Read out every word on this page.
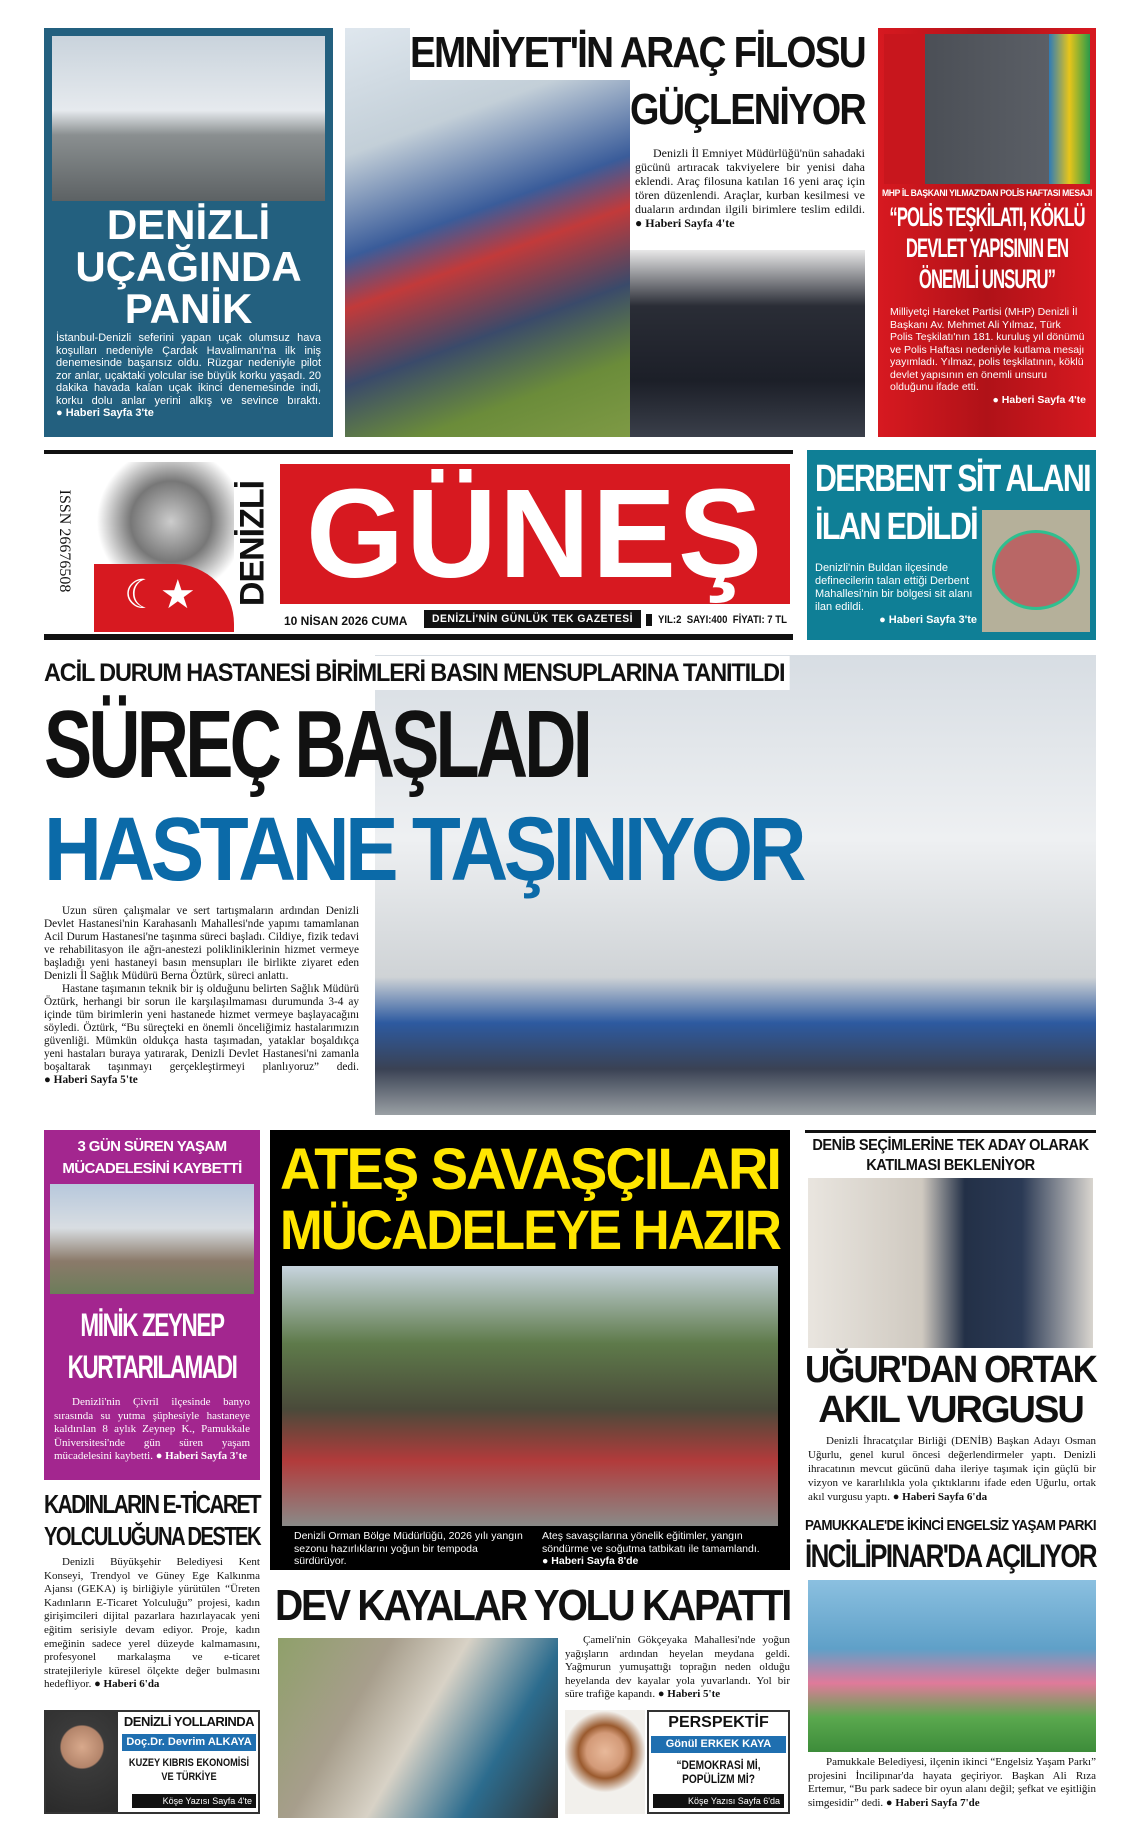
DENİZLİ UÇAĞINDA PANİK
İstanbul-Denizli seferini yapan uçak olumsuz hava koşulları nedeniyle Çardak Havalimanı'na ilk iniş denemesinde başarısız oldu. Rüzgar nedeniyle pilot zor anlar, uçaktaki yolcular ise büyük korku yaşadı. 20 dakika havada kalan uçak ikinci denemesinde indi, korku dolu anlar yerini alkış ve sevince bıraktı. ● Haberi Sayfa 3'te
EMNİYET'İN ARAÇ FİLOSU
GÜÇLENİYOR
Denizli İl Emniyet Müdürlüğü'nün sahadaki gücünü artıracak takviyelere bir yenisi daha eklendi. Araç filosuna katılan 16 yeni araç için tören düzenlendi. Araçlar, kurban kesilmesi ve duaların ardından ilgili birimlere teslim edildi. ● Haberi Sayfa 4'te
MHP İL BAŞKANI YILMAZ'DAN POLİS HAFTASI MESAJI
“POLİS TEŞKİLATI, KÖKLÜ DEVLET YAPISININ EN ÖNEMLİ UNSURU”
Milliyetçi Hareket Partisi (MHP) Denizli İl Başkanı Av. Mehmet Ali Yılmaz, Türk Polis Teşkilatı'nın 181. kuruluş yıl dönümü ve Polis Haftası nedeniyle kutlama mesajı yayımladı. Yılmaz, polis teşkilatının, köklü devlet yapısının en önemli unsuru olduğunu ifade etti.
● Haberi Sayfa 4'te
ISSN 26676508
☾★ DENİZLİ GÜNEŞ
10 NİSAN 2026 CUMA	DENİZLİ'NİN GÜNLÜK TEK GAZETESİ	YIL:2 SAYI:400 FİYATI: 7 TL
DERBENT SİT ALANI
İLAN EDİLDİ
Denizli'nin Buldan ilçesinde definecilerin talan ettiği Derbent Mahallesi'nin bir bölgesi sit alanı ilan edildi.
● Haberi Sayfa 3'te
ACİL DURUM HASTANESİ BİRİMLERİ BASIN MENSUPLARINA TANITILDI
SÜREÇ BAŞLADI
HASTANE TAŞINIYOR

Uzun süren çalışmalar ve sert tartışmaların ardından Denizli Devlet Hastanesi'nin Karahasanlı Mahallesi'nde yapımı tamamlanan Acil Durum Hastanesi'ne taşınma süreci başladı. Cildiye, fizik tedavi ve rehabilitasyon ile ağrı-anestezi polikliniklerinin hizmet vermeye başladığı yeni hastaneyi basın mensupları ile birlikte ziyaret eden Denizli İl Sağlık Müdürü Berna Öztürk, süreci anlattı.

Hastane taşımanın teknik bir iş olduğunu belirten Sağlık Müdürü Öztürk, herhangi bir sorun ile karşılaşılmaması durumunda 3-4 ay içinde tüm birimlerin yeni hastanede hizmet vermeye başlayacağını söyledi. Öztürk, “Bu süreçteki en önemli önceliğimiz hastalarımızın güvenliği. Mümkün oldukça hasta taşımadan, yataklar boşaldıkça yeni hastaları buraya yatırarak, Denizli Devlet Hastanesi'ni zamanla boşaltarak taşınmayı gerçekleştirmeyi planlıyoruz” dedi. ● Haberi Sayfa 5'te

3 GÜN SÜREN YAŞAM MÜCADELESİNİ KAYBETTİ
MİNİK ZEYNEP KURTARILAMADI
Denizli'nin Çivril ilçesinde banyo sırasında su yutma şüphesiyle hastaneye kaldırılan 8 aylık Zeynep K., Pamukkale Üniversitesi'nde gün süren yaşam mücadelesini kaybetti. ● Haberi Sayfa 3'te
ATEŞ SAVAŞÇILARI
MÜCADELEYE HAZIR
Denizli Orman Bölge Müdürlüğü, 2026 yılı yangın sezonu hazırlıklarını yoğun bir tempoda sürdürüyor.
Ateş savaşçılarına yönelik eğitimler, yangın söndürme ve soğutma tatbikatı ile tamamlandı. ● Haberi Sayfa 8'de
DENİB SEÇİMLERİNE TEK ADAY OLARAK KATILMASI BEKLENİYOR
UĞUR'DAN ORTAK
AKIL VURGUSU
Denizli İhracatçılar Birliği (DENİB) Başkan Adayı Osman Uğurlu, genel kurul öncesi değerlendirmeler yaptı. Denizli ihracatının mevcut gücünü daha ileriye taşımak için güçlü bir vizyon ve kararlılıkla yola çıktıklarını ifade eden Uğurlu, ortak akıl vurgusu yaptı. ● Haberi Sayfa 6'da
KADINLARIN E-TİCARET
YOLCULUĞUNA DESTEK
Denizli Büyükşehir Belediyesi Kent Konseyi, Trendyol ve Güney Ege Kalkınma Ajansı (GEKA) iş birliğiyle yürütülen “Üreten Kadınların E-Ticaret Yolculuğu” projesi, kadın girişimcileri dijital pazarlara hazırlayacak yeni eğitim serisiyle devam ediyor. Proje, kadın emeğinin sadece yerel düzeyde kalmamasını, profesyonel markalaşma ve e-ticaret stratejileriyle küresel ölçekte değer bulmasını hedefliyor. ● Haberi 6'da
DENİZLİ YOLLARINDA
Doç.Dr. Devrim ALKAYA
KUZEY KIBRIS EKONOMİSİ VE TÜRKİYE
Köşe Yazısı Sayfa 4'te
DEV KAYALAR YOLU KAPATTI
Çameli'nin Gökçeyaka Mahallesi'nde yoğun yağışların ardından heyelan meydana geldi. Yağmurun yumuşattığı toprağın neden olduğu heyelanda dev kayalar yola yuvarlandı. Yol bir süre trafiğe kapandı. ● Haberi 5'te
PERSPEKTİF
Gönül ERKEK KAYA
“DEMOKRASİ Mİ, POPÜLİZM Mİ?
Köşe Yazısı Sayfa 6'da
PAMUKKALE'DE İKİNCİ ENGELSİZ YAŞAM PARKI
İNCİLİPINAR'DA AÇILIYOR
Pamukkale Belediyesi, ilçenin ikinci “Engelsiz Yaşam Parkı” projesini İncilipınar'da hayata geçiriyor. Başkan Ali Rıza Ertemur, “Bu park sadece bir oyun alanı değil; şefkat ve eşitliğin simgesidir” dedi. ● Haberi Sayfa 7'de
